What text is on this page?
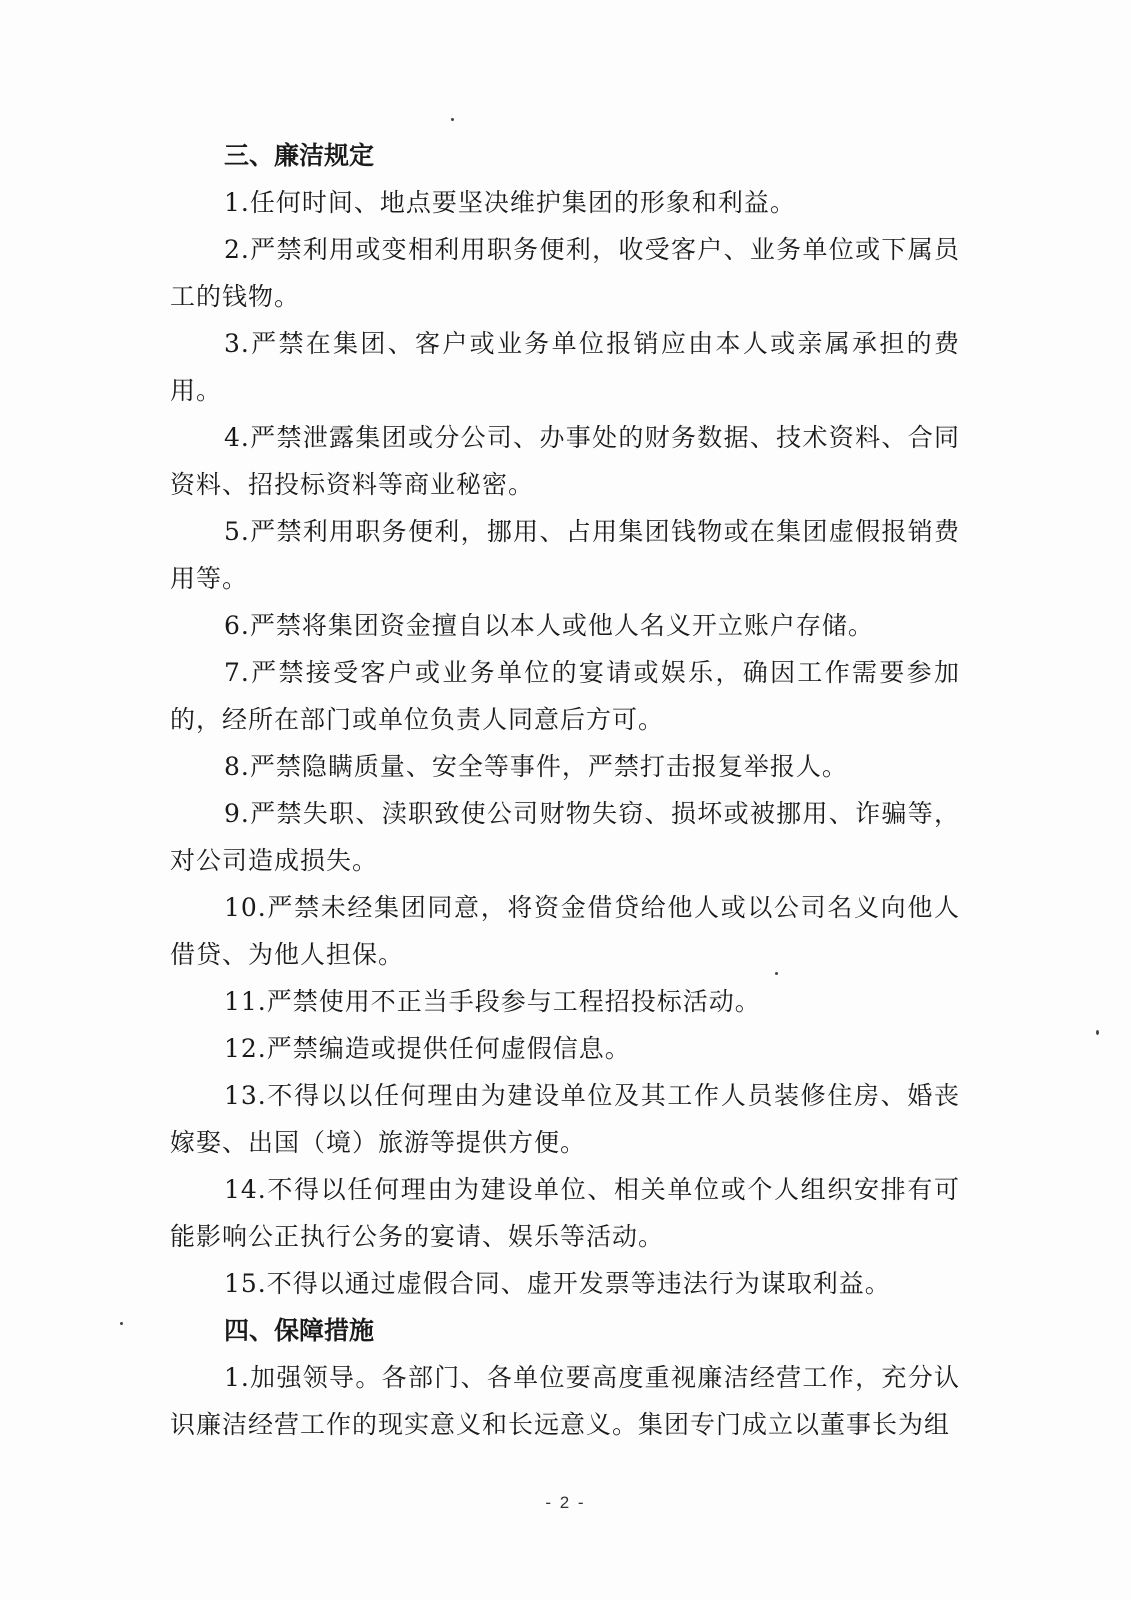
三、廉洁规定

1.任何时间、地点要坚决维护集团的形象和利益。

2.严禁利用或变相利用职务便利，收受客户、业务单位或下属员工的钱物。

3.严禁在集团、客户或业务单位报销应由本人或亲属承担的费用。

4.严禁泄露集团或分公司、办事处的财务数据、技术资料、合同资料、招投标资料等商业秘密。

5.严禁利用职务便利，挪用、占用集团钱物或在集团虚假报销费用等。

6.严禁将集团资金擅自以本人或他人名义开立账户存储。

7.严禁接受客户或业务单位的宴请或娱乐，确因工作需要参加的，经所在部门或单位负责人同意后方可。

8.严禁隐瞒质量、安全等事件，严禁打击报复举报人。

9.严禁失职、渎职致使公司财物失窃、损坏或被挪用、诈骗等，对公司造成损失。

10.严禁未经集团同意，将资金借贷给他人或以公司名义向他人借贷、为他人担保。

11.严禁使用不正当手段参与工程招投标活动。

12.严禁编造或提供任何虚假信息。

13.不得以以任何理由为建设单位及其工作人员装修住房、婚丧嫁娶、出国（境）旅游等提供方便。

14.不得以任何理由为建设单位、相关单位或个人组织安排有可能影响公正执行公务的宴请、娱乐等活动。

15.不得以通过虚假合同、虚开发票等违法行为谋取利益。

四、保障措施

1.加强领导。各部门、各单位要高度重视廉洁经营工作，充分认识廉洁经营工作的现实意义和长远意义。集团专门成立以董事长为组

- 2 -
